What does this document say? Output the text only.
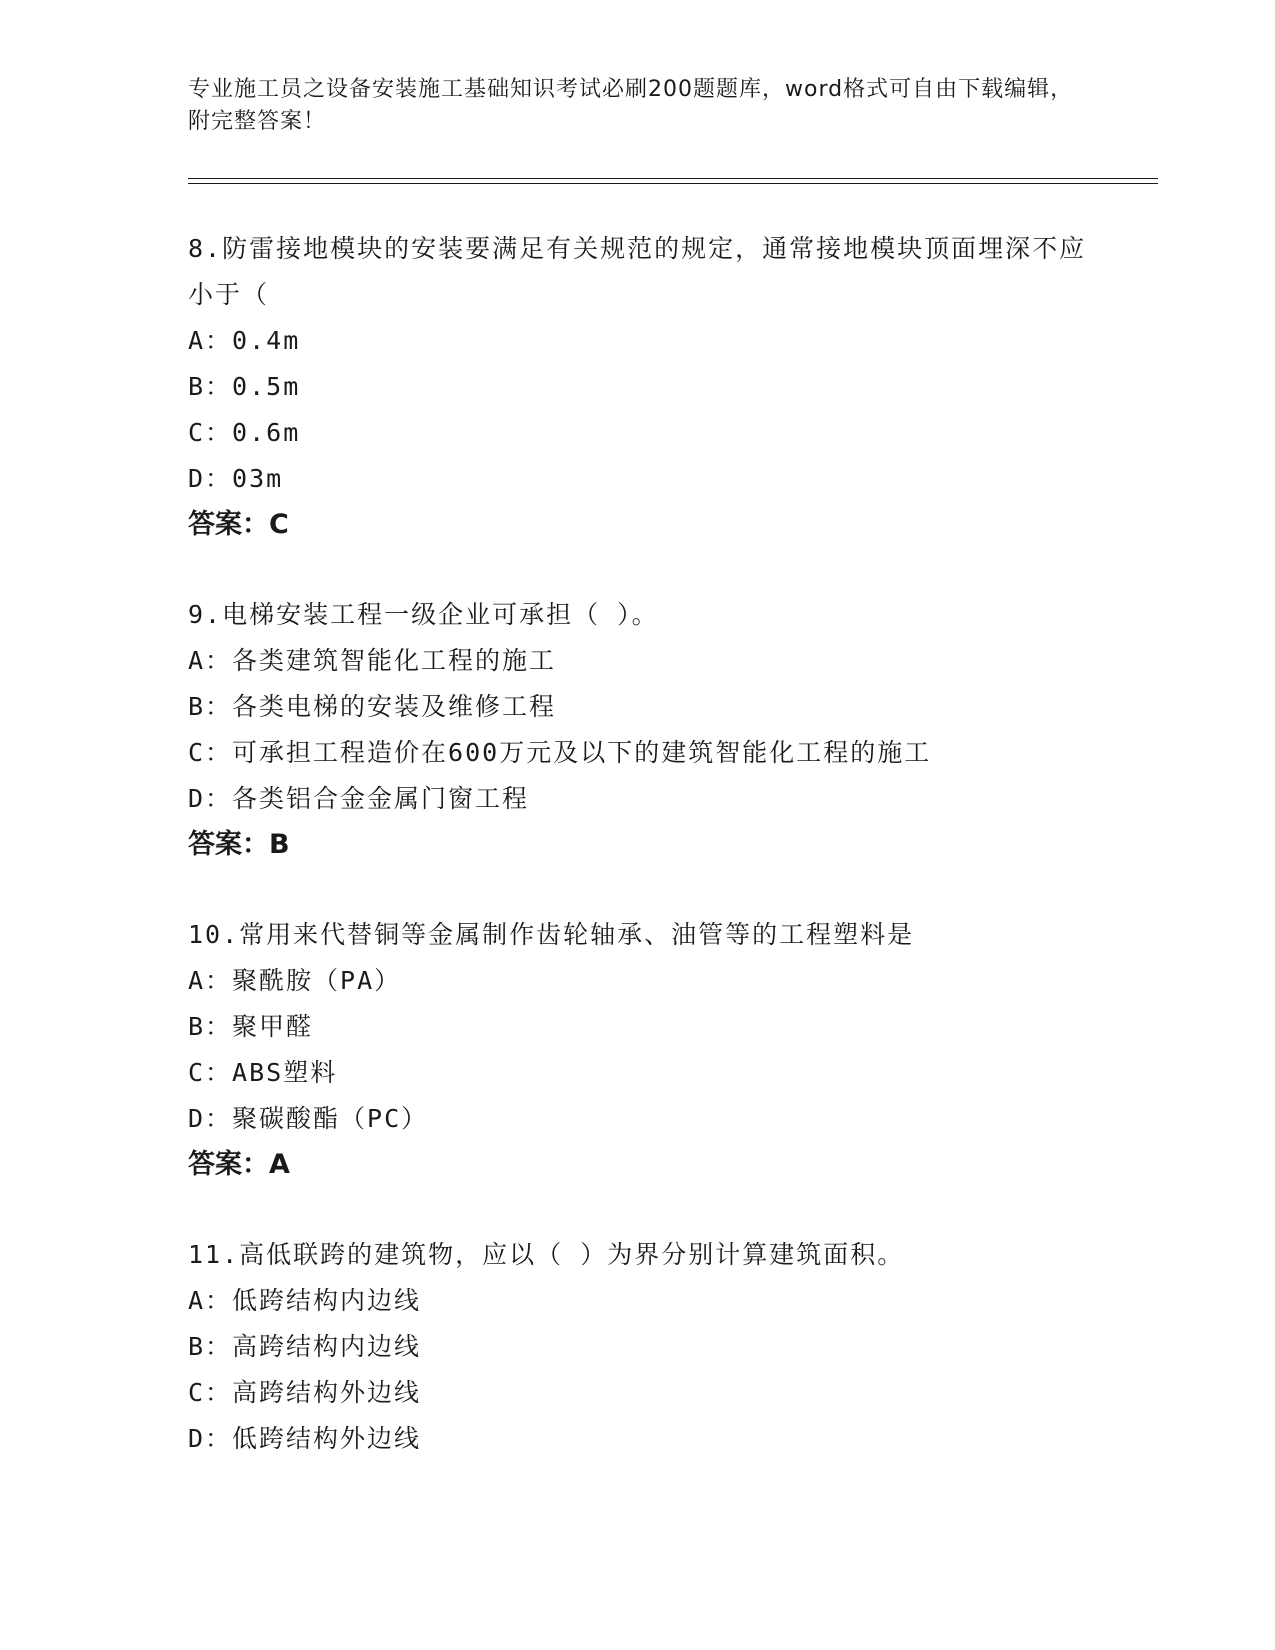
专业施工员之设备安装施工基础知识考试必刷200题题库，word格式可自由下载编辑，附完整答案！
8.防雷接地模块的安装要满足有关规范的规定，通常接地模块顶面埋深不应小于（
A：0.4m
B：0.5m
C：0.6m
D：03m
答案：C
9.电梯安装工程一级企业可承担（ ）。
A：各类建筑智能化工程的施工
B：各类电梯的安装及维修工程
C：可承担工程造价在600万元及以下的建筑智能化工程的施工
D：各类铝合金金属门窗工程
答案：B
10.常用来代替铜等金属制作齿轮轴承、油管等的工程塑料是
A：聚酰胺（PA）
B：聚甲醛
C：ABS塑料
D：聚碳酸酯（PC）
答案：A
11.高低联跨的建筑物，应以（ ）为界分别计算建筑面积。
A：低跨结构内边线
B：高跨结构内边线
C：高跨结构外边线
D：低跨结构外边线
